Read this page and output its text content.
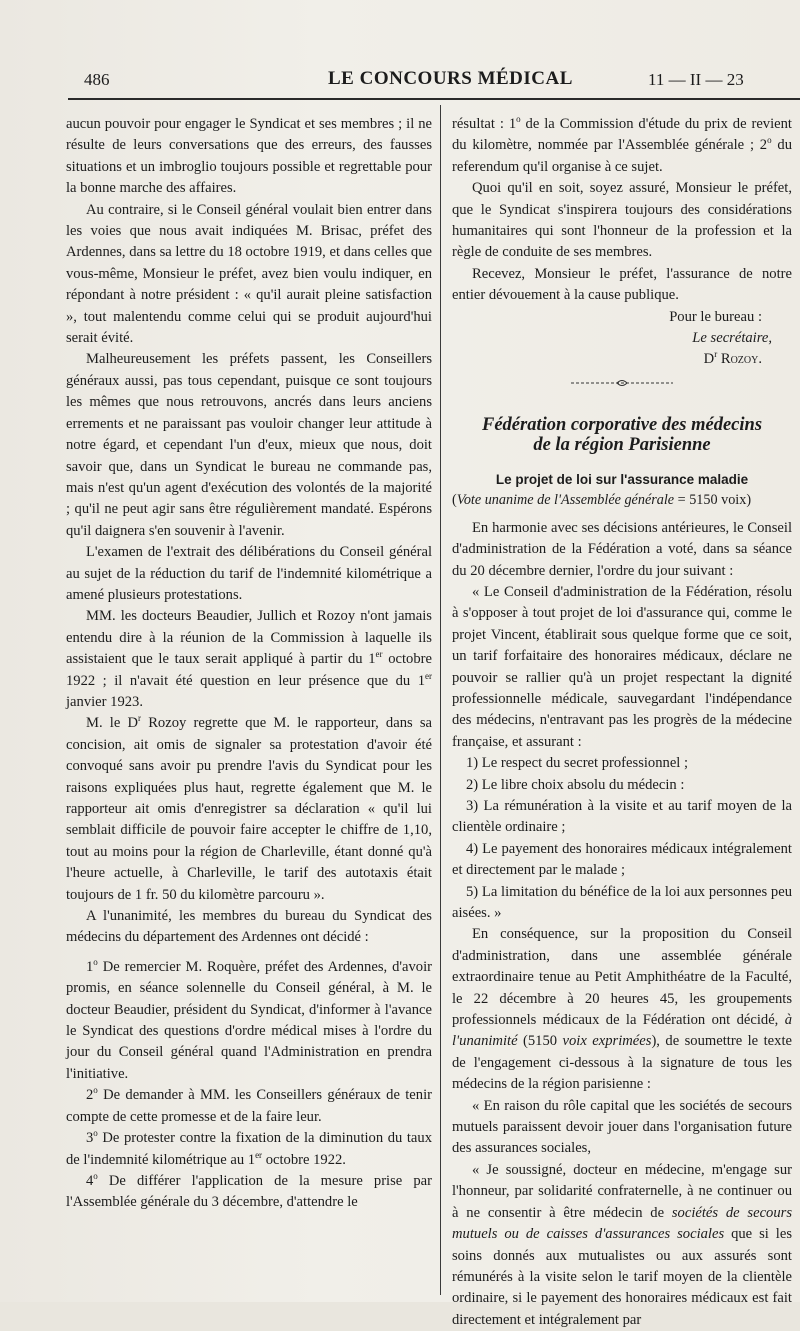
486	LE CONCOURS MÉDICAL	11 — II — 23

aucun pouvoir pour engager le Syndicat et ses membres ; il ne résulte de leurs conversations que des erreurs, des fausses situations et un imbroglio toujours possible et regrettable pour la bonne marche des affaires.

Au contraire, si le Conseil général voulait bien entrer dans les voies que nous avait indiquées M. Brisac, préfet des Ardennes, dans sa lettre du 18 octobre 1919, et dans celles que vous-même, Monsieur le préfet, avez bien voulu indiquer, en répondant à notre président : « qu'il aurait pleine satisfaction », tout malentendu comme celui qui se produit aujourd'hui serait évité.

Malheureusement les préfets passent, les Conseillers généraux aussi, pas tous cependant, puisque ce sont toujours les mêmes que nous retrouvons, ancrés dans leurs anciens errements et ne paraissant pas vouloir changer leur attitude à notre égard, et cependant l'un d'eux, mieux que nous, doit savoir que, dans un Syndicat le bureau ne commande pas, mais n'est qu'un agent d'exécution des volontés de la majorité ; qu'il ne peut agir sans être régulièrement mandaté. Espérons qu'il daignera s'en souvenir à l'avenir.

L'examen de l'extrait des délibérations du Conseil général au sujet de la réduction du tarif de l'indemnité kilométrique a amené plusieurs protestations.

MM. les docteurs Beaudier, Jullich et Rozoy n'ont jamais entendu dire à la réunion de la Commission à laquelle ils assistaient que le taux serait appliqué à partir du 1er octobre 1922 ; il n'avait été question en leur présence que du 1er janvier 1923.

M. le $D^r$ Rozoy regrette que M. le rapporteur, dans sa concision, ait omis de signaler sa protestation d'avoir été convoqué sans avoir pu prendre l'avis du Syndicat pour les raisons expliquées plus haut, regrette également que M. le rapporteur ait omis d'enregistrer sa déclaration « qu'il lui semblait difficile de pouvoir faire accepter le chiffre de 1,10, tout au moins pour la région de Charleville, étant donné qu'à l'heure actuelle, à Charleville, le tarif des autotaxis était toujours de 1 fr. 50 du kilomètre parcouru ».

A l'unanimité, les membres du bureau du Syndicat des médecins du département des Ardennes ont décidé :

1$^o$ De remercier M. Roquère, préfet des Ardennes, d'avoir promis, en séance solennelle du Conseil général, à M. le docteur Beaudier, président du Syndicat, d'informer à l'avance le Syndicat des questions d'ordre médical mises à l'ordre du jour du Conseil général quand l'Administration en prendra l'initiative.

2$^o$ De demander à MM. les Conseillers généraux de tenir compte de cette promesse et de la faire leur.

3$^o$ De protester contre la fixation de la diminution du taux de l'indemnité kilométrique au 1er octobre 1922.

4$^o$ De différer l'application de la mesure prise par l'Assemblée générale du 3 décembre, d'attendre le

résultat : 1$^o$ de la Commission d'étude du prix de revient du kilomètre, nommée par l'Assemblée générale ; 2$^o$ du referendum qu'il organise à ce sujet.

Quoi qu'il en soit, soyez assuré, Monsieur le préfet, que le Syndicat s'inspirera toujours des considérations humanitaires qui sont l'honneur de la profession et la règle de conduite de ses membres.

Recevez, Monsieur le préfet, l'assurance de notre entier dévouement à la cause publique.

Pour le bureau :
Le secrétaire,
$D^r$ Rozoy.
Fédération corporative des médecins
de la région Parisienne
Le projet de loi sur l'assurance maladie

(Vote unanime de l'Assemblée générale = 5150 voix)

En harmonie avec ses décisions antérieures, le Conseil d'administration de la Fédération a voté, dans sa séance du 20 décembre dernier, l'ordre du jour suivant :

« Le Conseil d'administration de la Fédération, résolu à s'opposer à tout projet de loi d'assurance qui, comme le projet Vincent, établirait sous quelque forme que ce soit, un tarif forfaitaire des honoraires médicaux, déclare ne pouvoir se rallier qu'à un projet respectant la dignité professionnelle médicale, sauvegardant l'indépendance des médecins, n'entravant pas les progrès de la médecine française, et assurant :

1) Le respect du secret professionnel ;

2) Le libre choix absolu du médecin :

3) La rémunération à la visite et au tarif moyen de la clientèle ordinaire ;

4) Le payement des honoraires médicaux intégralement et directement par le malade ;

5) La limitation du bénéfice de la loi aux personnes peu aisées. »

En conséquence, sur la proposition du Conseil d'administration, dans une assemblée générale extraordinaire tenue au Petit Amphithéatre de la Faculté, le 22 décembre à 20 heures 45, les groupements professionnels médicaux de la Fédération ont décidé, à l'unanimité (5150 voix exprimées), de soumettre le texte de l'engagement ci-dessous à la signature de tous les médecins de la région parisienne :

« En raison du rôle capital que les sociétés de secours mutuels paraissent devoir jouer dans l'organisation future des assurances sociales,

« Je soussigné, docteur en médecine, m'engage sur l'honneur, par solidarité confraternelle, à ne continuer ou à ne consentir à être médecin de sociétés de secours mutuels ou de caisses d'assurances sociales que si les soins donnés aux mutualistes ou aux assurés sont rémunérés à la visite selon le tarif moyen de la clientèle ordinaire, si le payement des honoraires médicaux est fait directement et intégralement par
